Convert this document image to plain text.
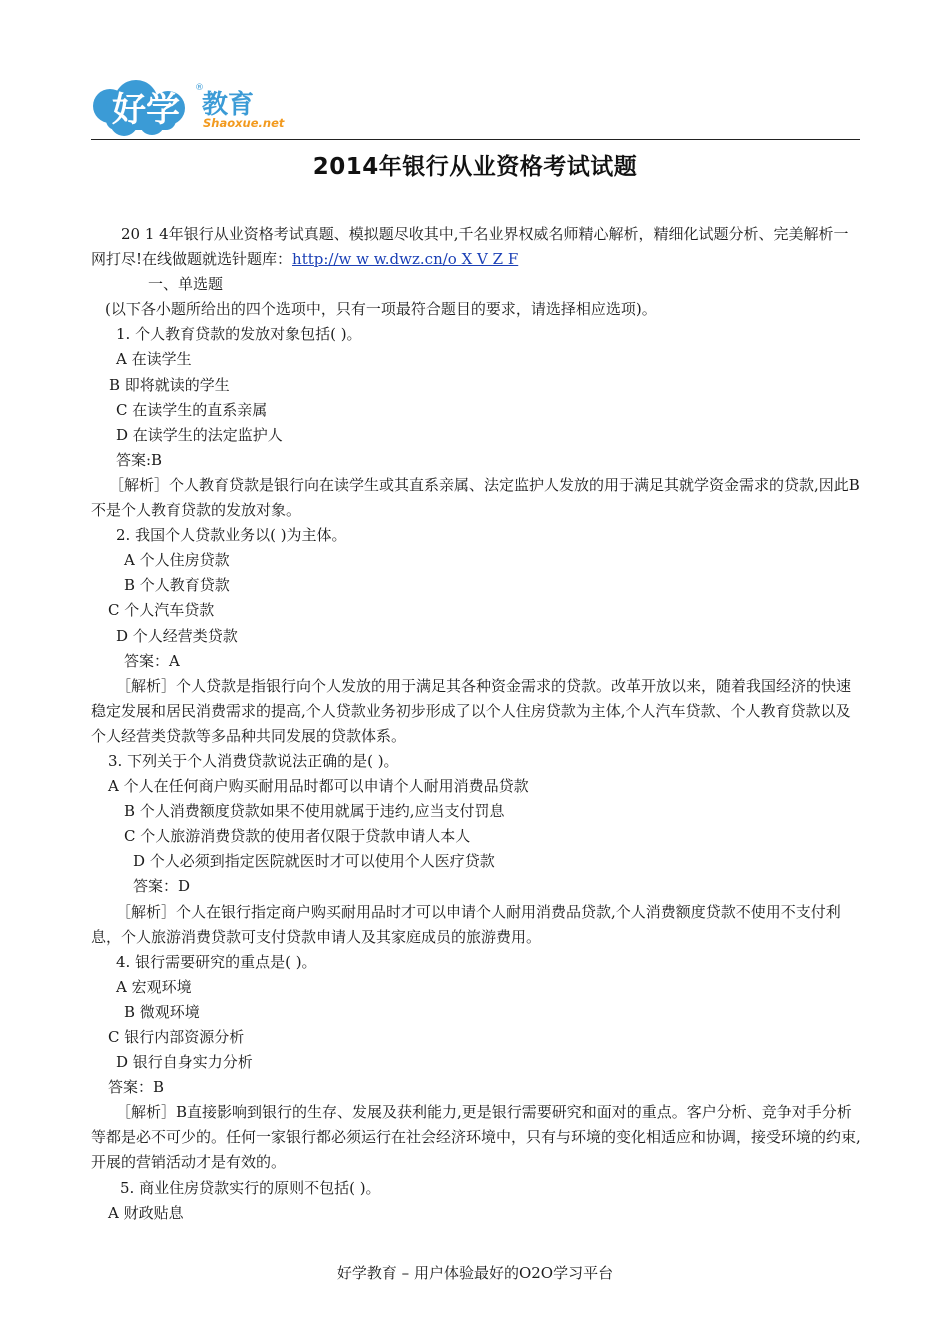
好学
®
教育
Shaoxue.net
2014年银行从业资格考试试题

20 1 4年银行从业资格考试真题、模拟题尽收其中,千名业界权威名师精心解析，精细化试题分析、完美解析一网打尽!在线做题就选针题库：http://w w w.dwz.cn/o X V Z F

一、单选题

(以下各小题所给出的四个选项中，只有一项最符合题目的要求，请选择相应选项)。

1. 个人教育贷款的发放对象包括( )。

A 在读学生

B 即将就读的学生

C 在读学生的直系亲属

D 在读学生的法定监护人

答案:B

［解析］个人教育贷款是银行向在读学生或其直系亲属、法定监护人发放的用于满足其就学资金需求的贷款,因此B不是个人教育贷款的发放对象。

2. 我国个人贷款业务以( )为主体。

A 个人住房贷款

B 个人教育贷款

C 个人汽车贷款

D 个人经营类贷款

答案：A

［解析］个人贷款是指银行向个人发放的用于满足其各种资金需求的贷款。改革开放以来，随着我国经济的快速稳定发展和居民消费需求的提高,个人贷款业务初步形成了以个人住房贷款为主体,个人汽车贷款、个人教育贷款以及个人经营类贷款等多品种共同发展的贷款体系。

3. 下列关于个人消费贷款说法正确的是( )。

A 个人在任何商户购买耐用品时都可以申请个人耐用消费品贷款

B 个人消费额度贷款如果不使用就属于违约,应当支付罚息

C 个人旅游消费贷款的使用者仅限于贷款申请人本人

D 个人必须到指定医院就医时才可以使用个人医疗贷款

答案：D

［解析］个人在银行指定商户购买耐用品时才可以申请个人耐用消费品贷款,个人消费额度贷款不使用不支付利息，个人旅游消费贷款可支付贷款申请人及其家庭成员的旅游费用。

4. 银行需要研究的重点是( )。

A 宏观环境

B 微观环境

C 银行内部资源分析

D 银行自身实力分析

答案：B

［解析］B直接影响到银行的生存、发展及获利能力,更是银行需要研究和面对的重点。客户分析、竞争对手分析等都是必不可少的。任何一家银行都必须运行在社会经济环境中，只有与环境的变化相适应和协调，接受环境的约束,开展的营销活动才是有效的。

5. 商业住房贷款实行的原则不包括( )。

A 财政贴息

好学教育 – 用户体验最好的O2O学习平台
